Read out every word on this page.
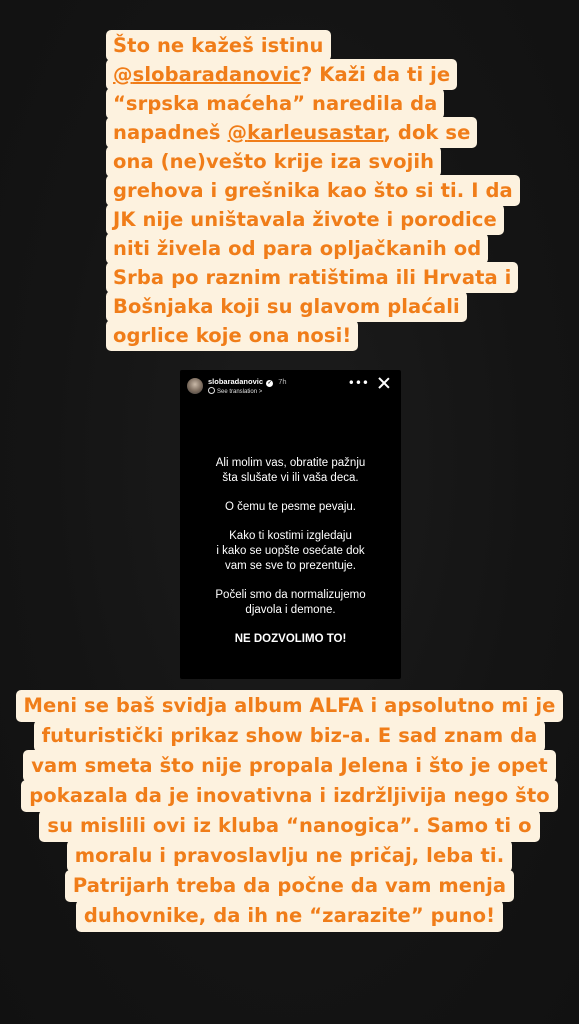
Što ne kažeš istinu
@slobaradanovic? Kaži da ti je
“srpska maćeha” naredila da
napadneš @karleusastar, dok se
ona (ne)vešto krije iza svojih
grehova i grešnika kao što si ti. I da
JK nije uništavala živote i porodice
niti živela od para opljačkanih od
Srba po raznim ratištima ili Hrvata i
Bošnjaka koji su glavom plaćali
ogrlice koje ona nosi!
slobaradanovic ✓ 7h
See translation >
•••

Ali molim vas, obratite pažnju
šta slušate vi ili vaša deca.

O čemu te pesme pevaju.

Kako ti kostimi izgledaju
i kako se uopšte osećate dok
vam se sve to prezentuje.

Počeli smo da normalizujemo
djavola i demone.

NE DOZVOLIMO TO!

Meni se baš svidja album ALFA i apsolutno mi je
futuristički prikaz show biz-a. E sad znam da
vam smeta što nije propala Jelena i što je opet
pokazala da je inovativna i izdržljivija nego što
su mislili ovi iz kluba “nanogica”. Samo ti o
moralu i pravoslavlju ne pričaj, leba ti.
Patrijarh treba da počne da vam menja
duhovnike, da ih ne “zarazite” puno!
